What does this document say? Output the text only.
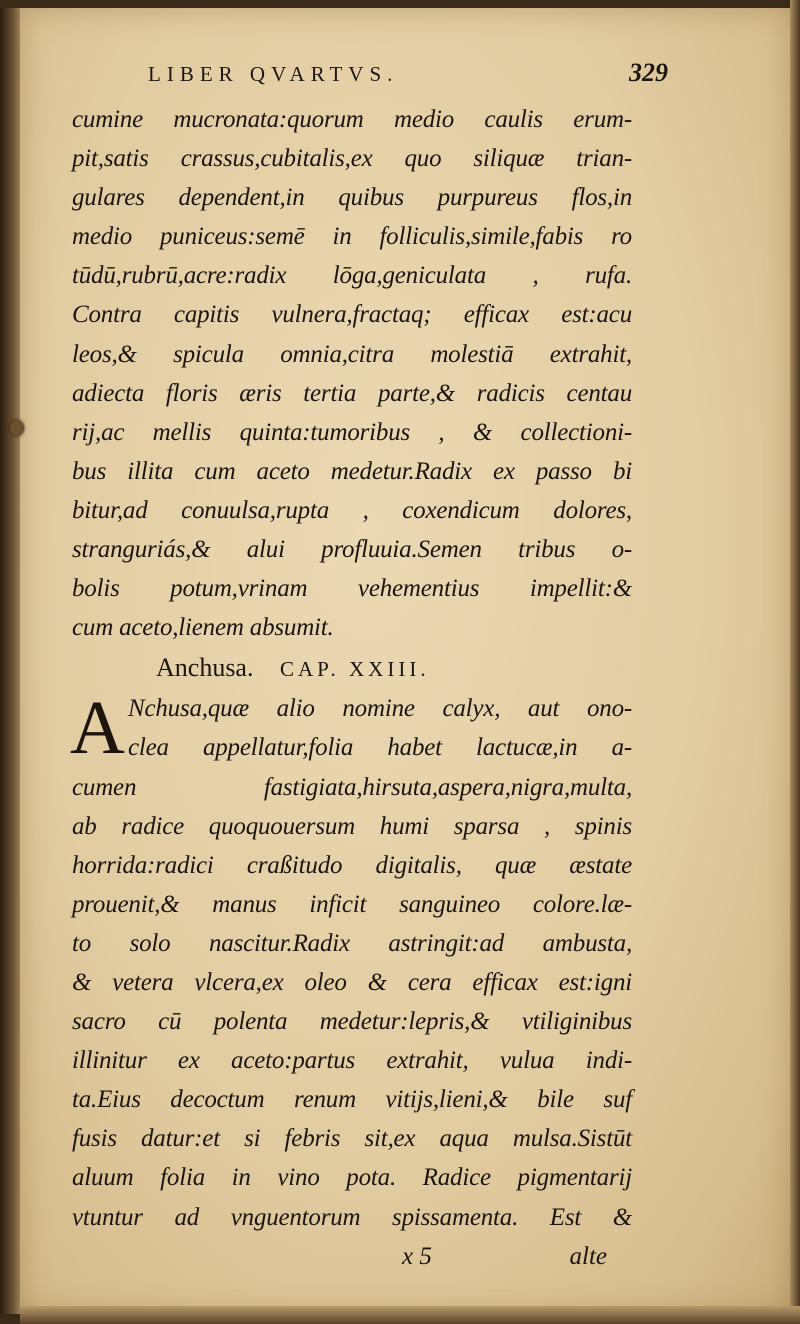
LIBER QVARTVS.	329
cumine mucronata:quorum medio caulis erum-
pit,satis crassus,cubitalis,ex quo siliquæ trian-
gulares dependent,in quibus purpureus flos,in
medio puniceus:semē in folliculis,simile,fabis ro
tūdū,rubrū,acre:radix lōga,geniculata , rufa.
Contra capitis vulnera,fractaq; efficax est:acu
leos,& spicula omnia,citra molestiā extrahit,
adiecta floris æris tertia parte,& radicis centau
rij,ac mellis quinta:tumoribus , & collectioni-
bus illita cum aceto medetur.Radix ex passo bi
bitur,ad conuulsa,rupta , coxendicum dolores,
stranguriás,& alui profluuia.Semen tribus o-
bolis potum,vrinam vehementius impellit:&
cum aceto,lienem absumit.
Anchusa. CAP. XXIII.
A Nchusa,quæ alio nomine calyx, aut ono-
clea appellatur,folia habet lactucæ,in a-
cumen fastigiata,hirsuta,aspera,nigra,multa,
ab radice quoquouersum humi sparsa , spinis
horrida:radici craßitudo digitalis, quæ æstate
prouenit,& manus inficit sanguineo colore.læ-
to solo nascitur.Radix astringit:ad ambusta,
& vetera vlcera,ex oleo & cera efficax est:igni
sacro cū polenta medetur:lepris,& vtiliginibus
illinitur ex aceto:partus extrahit, vulua indi-
ta.Eius decoctum renum vitijs,lieni,& bile suf
fusis datur:et si febris sit,ex aqua mulsa.Sistūt
aluum folia in vino pota. Radice pigmentarij
vtuntur ad vnguentorum spissamenta. Est &
x 5	alte
